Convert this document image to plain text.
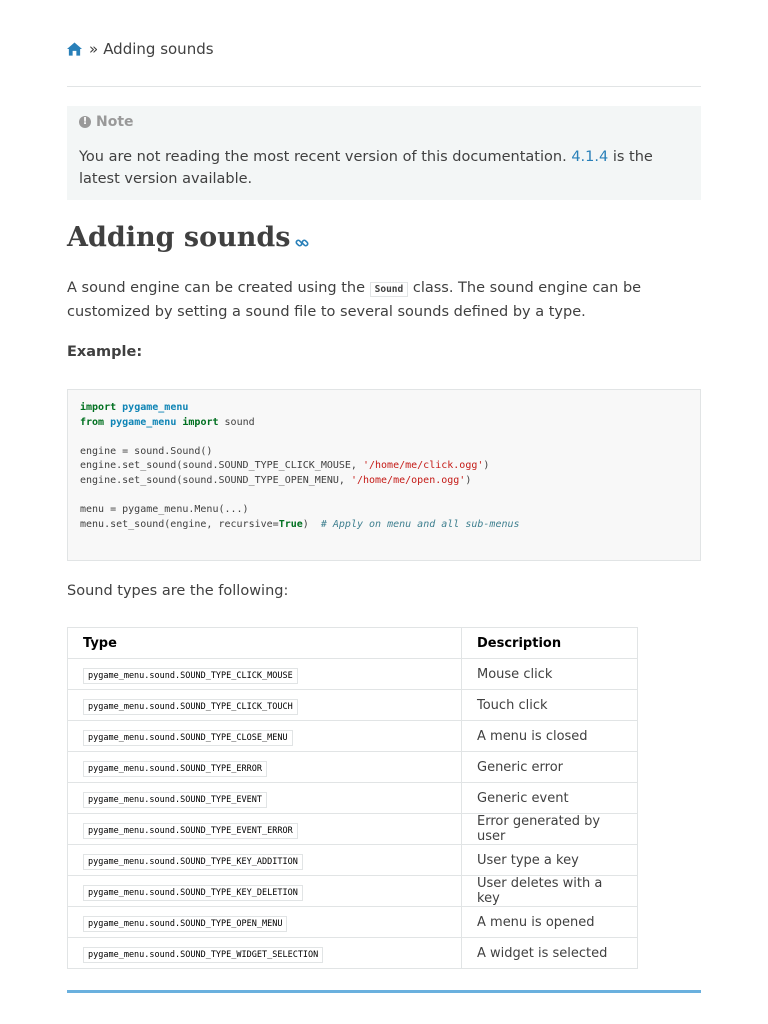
» Adding sounds
! Note
You are not reading the most recent version of this documentation. 4.1.4 is the latest version available.
Adding sounds
A sound engine can be created using the Sound class. The sound engine can be customized by setting a sound file to several sounds defined by a type.
Example:
import pygame_menu
from pygame_menu import sound

engine = sound.Sound()
engine.set_sound(sound.SOUND_TYPE_CLICK_MOUSE, '/home/me/click.ogg')
engine.set_sound(sound.SOUND_TYPE_OPEN_MENU, '/home/me/open.ogg')

menu = pygame_menu.Menu(...)
menu.set_sound(engine, recursive=True)  # Apply on menu and all sub-menus
Sound types are the following:
Type	Description
pygame_menu.sound.SOUND_TYPE_CLICK_MOUSE	Mouse click
pygame_menu.sound.SOUND_TYPE_CLICK_TOUCH	Touch click
pygame_menu.sound.SOUND_TYPE_CLOSE_MENU	A menu is closed
pygame_menu.sound.SOUND_TYPE_ERROR	Generic error
pygame_menu.sound.SOUND_TYPE_EVENT	Generic event
pygame_menu.sound.SOUND_TYPE_EVENT_ERROR	Error generated by user
pygame_menu.sound.SOUND_TYPE_KEY_ADDITION	User type a key
pygame_menu.sound.SOUND_TYPE_KEY_DELETION	User deletes with a key
pygame_menu.sound.SOUND_TYPE_OPEN_MENU	A menu is opened
pygame_menu.sound.SOUND_TYPE_WIDGET_SELECTION	A widget is selected
